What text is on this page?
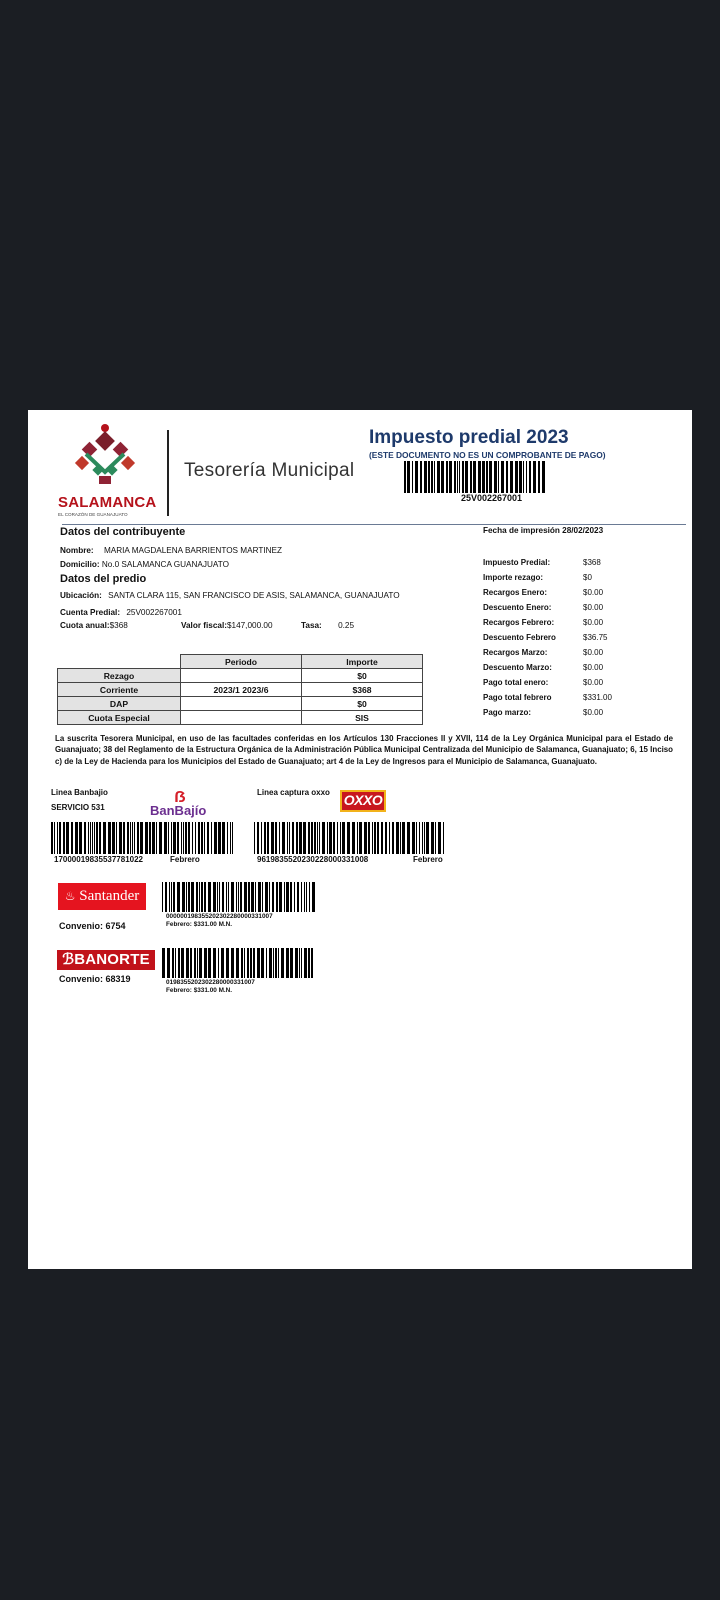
SALAMANCA
EL CORAZÓN DE GUANAJUATO
Tesorería Municipal
Impuesto predial 2023
(ESTE DOCUMENTO NO ES UN COMPROBANTE DE PAGO)
25V002267001
Datos del contribuyente
Nombre: MARIA MAGDALENA BARRIENTOS MARTINEZ
Domicilio: No.0 SALAMANCA GUANAJUATO
Datos del predio
Ubicación: SANTA CLARA 115, SAN FRANCISCO DE ASIS, SALAMANCA, GUANAJUATO
Cuenta Predial: 25V002267001
Cuota anual:$368	Valor fiscal:$147,000.00	Tasa: 0.25
	Periodo	Importe
Rezago		$0
Corriente	2023/1 2023/6	$368
DAP		$0
Cuota Especial		SIS
Fecha de impresión 28/02/2023
Impuesto Predial:	$368
Importe rezago:	$0
Recargos Enero:	$0.00
Descuento Enero:	$0.00
Recargos Febrero:	$0.00
Descuento Febrero	$36.75
Recargos Marzo:	$0.00
Descuento Marzo:	$0.00
Pago total enero:	$0.00
Pago total febrero	$331.00
Pago marzo:	$0.00
La suscrita Tesorera Municipal, en uso de las facultades conferidas en los Artículos 130 Fracciones II y XVII, 114 de la Ley Orgánica Municipal para el Estado de Guanajuato; 38 del Reglamento de la Estructura Orgánica de la Administración Pública Municipal Centralizada del Municipio de Salamanca, Guanajuato; 6, 15 Inciso c) de la Ley de Hacienda para los Municipios del Estado de Guanajuato; art 4 de la Ley de Ingresos para el Municipio de Salamanca, Guanajuato.
Linea Banbajio
SERVICIO 531
ẞ
BanBajío
Linea captura oxxo OXXO
17000019835537781022	Febrero	9619835520230228000331008	Febrero
♨ Santander
Convenio: 6754
000000198355202302280000331007
Febrero: $331.00 M.N.
ℬBANORTE
Convenio: 68319	0198355202302280000331007
Febrero: $331.00 M.N.
